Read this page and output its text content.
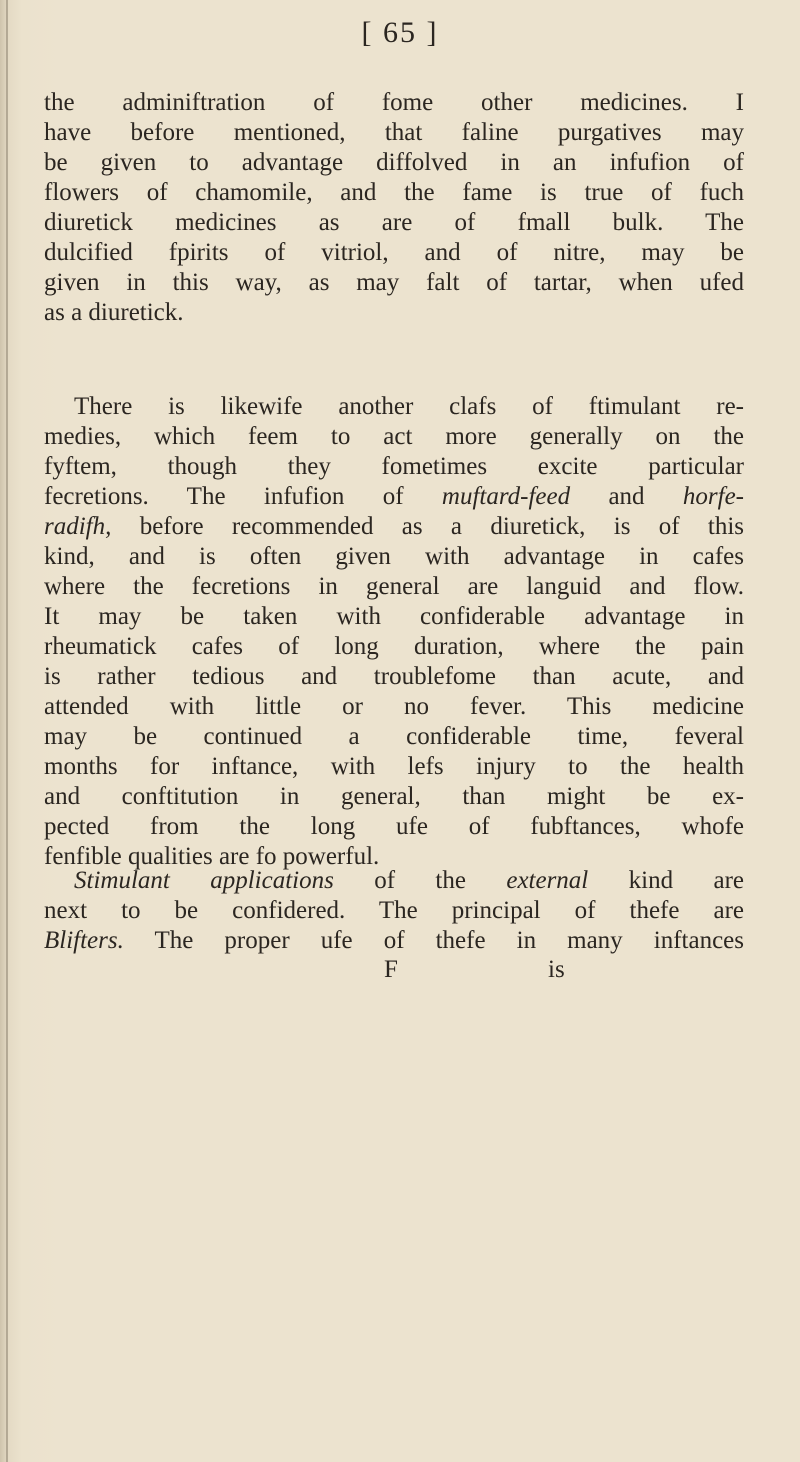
[ 65 ]
the adminiftration of fome other medicines. I
have before mentioned, that faline purgatives may
be given to advantage diffolved in an infufion of
flowers of chamomile, and the fame is true of fuch
diuretick medicines as are of fmall bulk. The
dulcified fpirits of vitriol, and of nitre, may be
given in this way, as may falt of tartar, when ufed
as a diuretick.
There is likewife another clafs of ftimulant re-
medies, which feem to act more generally on the
fyftem, though they fometimes excite particular
fecretions. The infufion of muftard-feed and horfe-
radifh, before recommended as a diuretick, is of this
kind, and is often given with advantage in cafes
where the fecretions in general are languid and flow.
It may be taken with confiderable advantage in
rheumatick cafes of long duration, where the pain
is rather tedious and troublefome than acute, and
attended with little or no fever. This medicine
may be continued a confiderable time, feveral
months for inftance, with lefs injury to the health
and conftitution in general, than might be ex-
pected from the long ufe of fubftances, whofe
fenfible qualities are fo powerful.
Stimulant applications of the external kind are
next to be confidered. The principal of thefe are
Blifters. The proper ufe of thefe in many inftances
F	is
